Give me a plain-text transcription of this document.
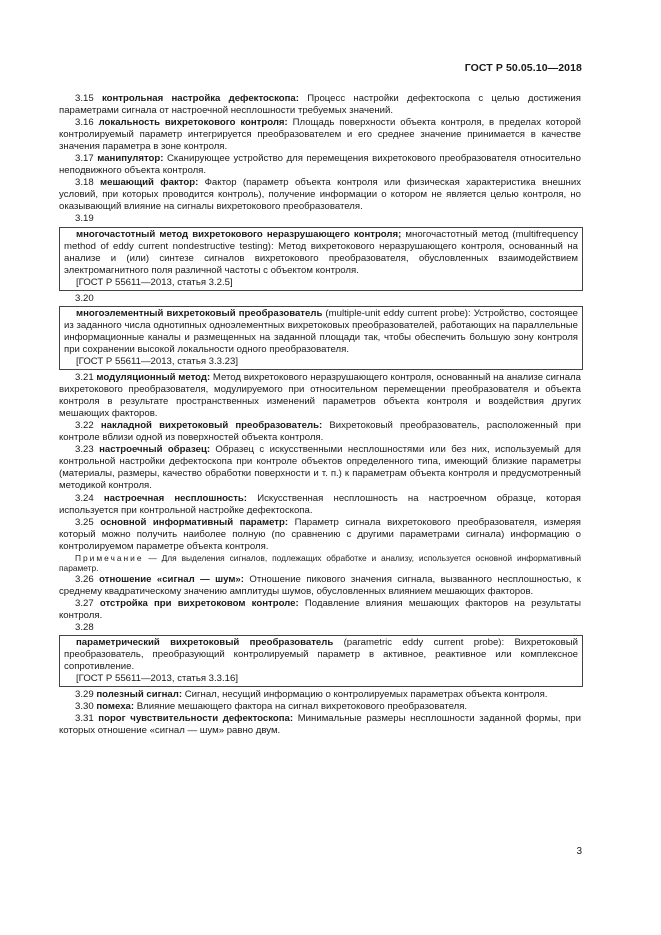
ГОСТ Р 50.05.10—2018

3.15 контрольная настройка дефектоскопа: Процесс настройки дефектоскопа с целью достижения параметрами сигнала от настроечной несплошности требуемых значений.

3.16 локальность вихретокового контроля: Площадь поверхности объекта контроля, в пределах которой контролируемый параметр интегрируется преобразователем и его среднее значение принимается в качестве значения параметра в зоне контроля.

3.17 манипулятор: Сканирующее устройство для перемещения вихретокового преобразователя относительно неподвижного объекта контроля.

3.18 мешающий фактор: Фактор (параметр объекта контроля или физическая характеристика внешних условий, при которых проводится контроль), получение информации о котором не является целью контроля, но оказывающий влияние на сигналы вихретокового преобразователя.

3.19

многочастотный метод вихретокового неразрушающего контроля; многочастотный метод (multifrequency method of eddy current nondestructive testing): Метод вихретокового неразрушающего контроля, основанный на анализе и (или) синтезе сигналов вихретокового преобразователя, обусловленных взаимодействием электромагнитного поля различной частоты с объектом контроля.

[ГОСТ Р 55611—2013, статья 3.2.5]
3.20

многоэлементный вихретоковый преобразователь (multiple-unit eddy current probe): Устройство, состоящее из заданного числа однотипных одноэлементных вихретоковых преобразователей, работающих на параллельные информационные каналы и размещенных на заданной площади так, чтобы обеспечить большую зону контроля при сохранении высокой локальности одного преобразователя.

[ГОСТ Р 55611—2013, статья 3.3.23]

3.21 модуляционный метод: Метод вихретокового неразрушающего контроля, основанный на анализе сигнала вихретокового преобразователя, модулируемого при относительном перемещении преобразователя и объекта контроля в результате пространственных изменений параметров объекта контроля и воздействия других мешающих факторов.

3.22 накладной вихретоковый преобразователь: Вихретоковый преобразователь, расположенный при контроле вблизи одной из поверхностей объекта контроля.

3.23 настроечный образец: Образец с искусственными несплошностями или без них, используемый для контрольной настройки дефектоскопа при контроле объектов определенного типа, имеющий близкие параметры (материалы, размеры, качество обработки поверхности и т. п.) к параметрам объекта контроля и предусмотренный методикой контроля.

3.24 настроечная несплошность: Искусственная несплошность на настроечном образце, которая используется при контрольной настройке дефектоскопа.

3.25 основной информативный параметр: Параметр сигнала вихретокового преобразователя, измеряя который можно получить наиболее полную (по сравнению с другими параметрами сигнала) информацию о контролируемом параметре объекта контроля.

Примечание — Для выделения сигналов, подлежащих обработке и анализу, используется основной информативный параметр.

3.26 отношение «сигнал — шум»: Отношение пикового значения сигнала, вызванного несплошностью, к среднему квадратическому значению амплитуды шумов, обусловленных влиянием мешающих факторов.

3.27 отстройка при вихретоковом контроле: Подавление влияния мешающих факторов на результаты контроля.

3.28

параметрический вихретоковый преобразователь (parametric eddy current probe): Вихретоковый преобразователь, преобразующий контролируемый параметр в активное, реактивное или комплексное сопротивление.

[ГОСТ Р 55611—2013, статья 3.3.16]

3.29 полезный сигнал: Сигнал, несущий информацию о контролируемых параметрах объекта контроля.

3.30 помеха: Влияние мешающего фактора на сигнал вихретокового преобразователя.

3.31 порог чувствительности дефектоскопа: Минимальные размеры несплошности заданной формы, при которых отношение «сигнал — шум» равно двум.

3
